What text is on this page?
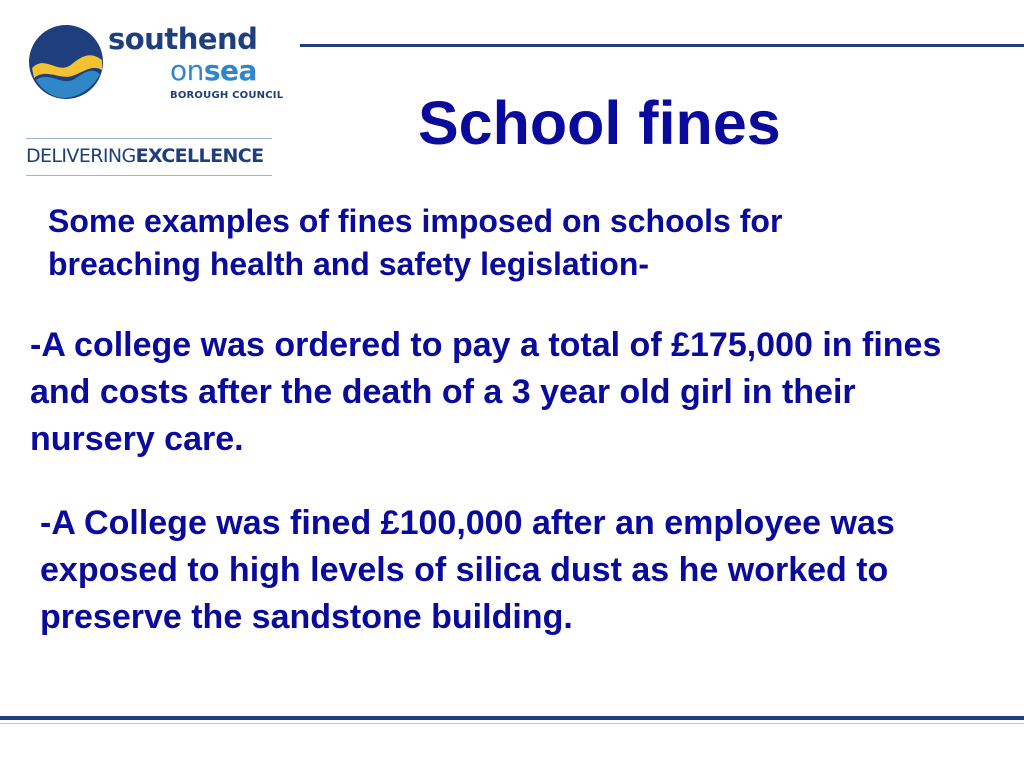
southend
onsea
BOROUGH COUNCIL
DELIVERINGEXCELLENCE	School fines

Some examples of fines imposed on schools for breaching health and safety legislation-

-A college was ordered to pay a total of £175,000 in fines and costs after the death of a 3 year old girl in their nursery care.

-A College was fined £100,000 after an employee was exposed to high levels of silica dust as he worked to preserve the sandstone building.
